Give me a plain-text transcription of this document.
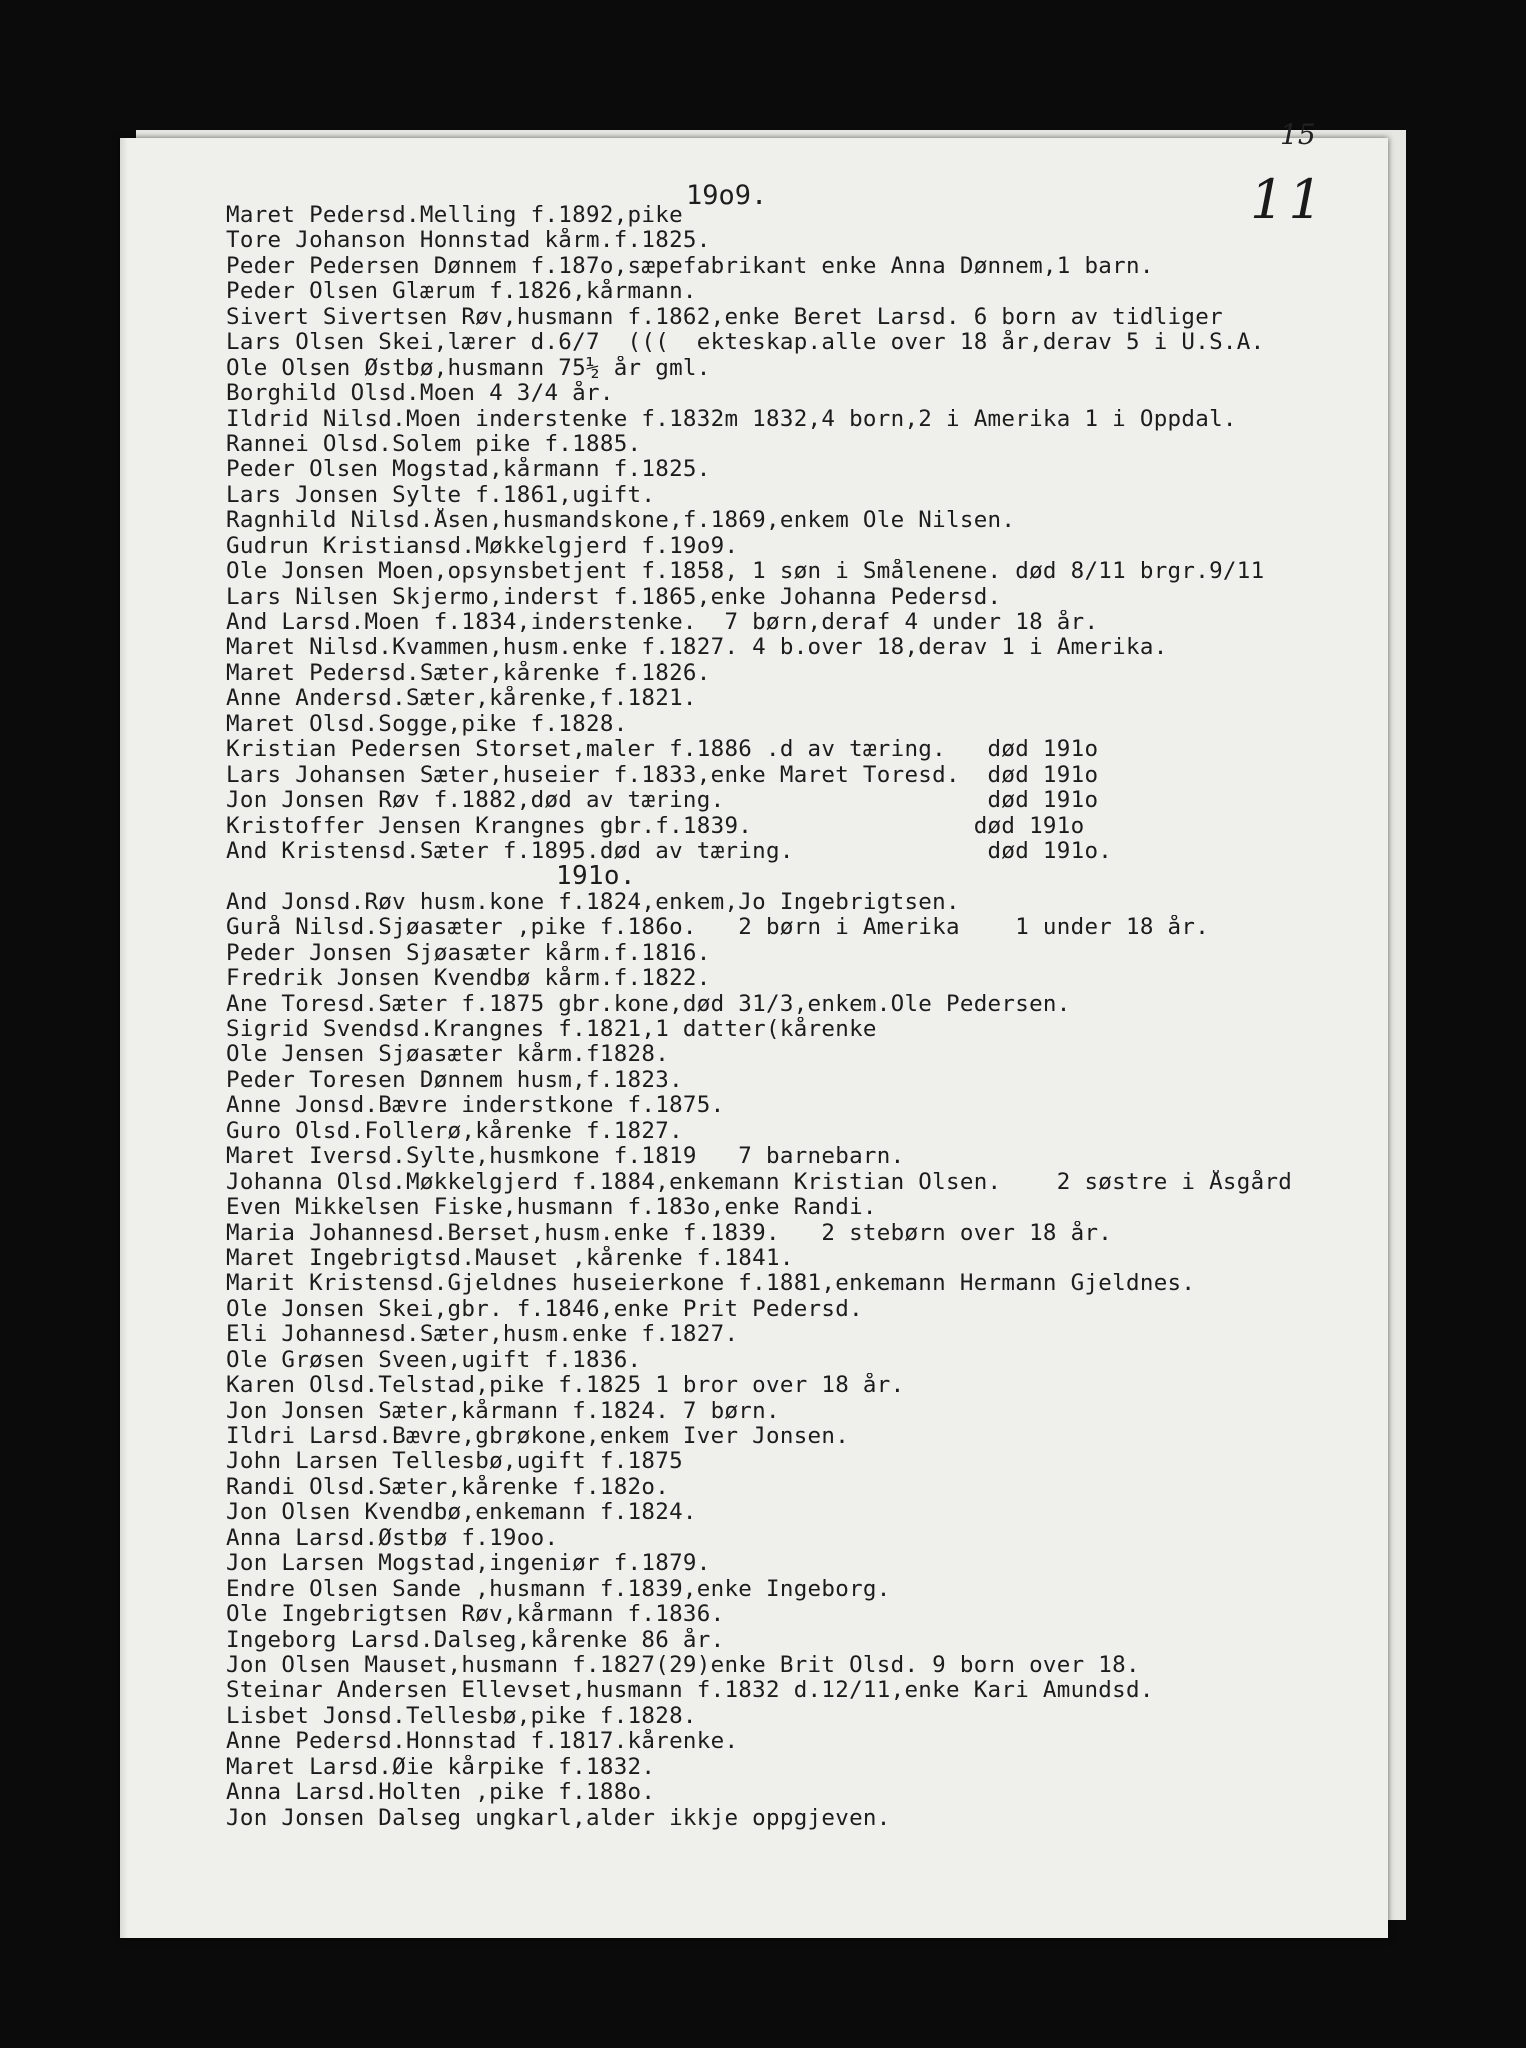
15
11
19o9.
Maret Pedersd.Melling f.1892,pike
Tore Johanson Honnstad kårm.f.1825.
Peder Pedersen Dønnem f.187o,sæpefabrikant enke Anna Dønnem,1 barn.
Peder Olsen Glærum f.1826,kårmann.
Sivert Sivertsen Røv,husmann f.1862,enke Beret Larsd. 6 born av tidliger
Lars Olsen Skei,lærer d.6/7  (((  ekteskap.alle over 18 år,derav 5 i U.S.A.
Ole Olsen Østbø,husmann 75½ år gml.
Borghild Olsd.Moen 4 3/4 år.
Ildrid Nilsd.Moen inderstenke f.1832m 1832,4 born,2 i Amerika 1 i Oppdal.
Rannei Olsd.Solem pike f.1885.
Peder Olsen Mogstad,kårmann f.1825.
Lars Jonsen Sylte f.1861,ugift.
Ragnhild Nilsd.Åsen,husmandskone,f.1869,enkem Ole Nilsen.
Gudrun Kristiansd.Møkkelgjerd f.19o9.
Ole Jonsen Moen,opsynsbetjent f.1858, 1 søn i Smålenene. død 8/11 brgr.9/11
Lars Nilsen Skjermo,inderst f.1865,enke Johanna Pedersd.
And Larsd.Moen f.1834,inderstenke.  7 børn,deraf 4 under 18 år.
Maret Nilsd.Kvammen,husm.enke f.1827. 4 b.over 18,derav 1 i Amerika.
Maret Pedersd.Sæter,kårenke f.1826.
Anne Andersd.Sæter,kårenke,f.1821.
Maret Olsd.Sogge,pike f.1828.
Kristian Pedersen Storset,maler f.1886 .d av tæring.   død 191o
Lars Johansen Sæter,huseier f.1833,enke Maret Toresd.  død 191o
Jon Jonsen Røv f.1882,død av tæring.                   død 191o
Kristoffer Jensen Krangnes gbr.f.1839.                død 191o
And Kristensd.Sæter f.1895.død av tæring.              død 191o.
191o.
And Jonsd.Røv husm.kone f.1824,enkem,Jo Ingebrigtsen.
Gurå Nilsd.Sjøasæter ,pike f.186o.   2 børn i Amerika    1 under 18 år.
Peder Jonsen Sjøasæter kårm.f.1816.
Fredrik Jonsen Kvendbø kårm.f.1822.
Ane Toresd.Sæter f.1875 gbr.kone,død 31/3,enkem.Ole Pedersen.
Sigrid Svendsd.Krangnes f.1821,1 datter(kårenke
Ole Jensen Sjøasæter kårm.f1828.
Peder Toresen Dønnem husm,f.1823.
Anne Jonsd.Bævre inderstkone f.1875.
Guro Olsd.Follerø,kårenke f.1827.
Maret Iversd.Sylte,husmkone f.1819   7 barnebarn.
Johanna Olsd.Møkkelgjerd f.1884,enkemann Kristian Olsen.    2 søstre i Åsgård
Even Mikkelsen Fiske,husmann f.183o,enke Randi.
Maria Johannesd.Berset,husm.enke f.1839.   2 stebørn over 18 år.
Maret Ingebrigtsd.Mauset ,kårenke f.1841.
Marit Kristensd.Gjeldnes huseierkone f.1881,enkemann Hermann Gjeldnes.
Ole Jonsen Skei,gbr. f.1846,enke Prit Pedersd.
Eli Johannesd.Sæter,husm.enke f.1827.
Ole Grøsen Sveen,ugift f.1836.
Karen Olsd.Telstad,pike f.1825 1 bror over 18 år.
Jon Jonsen Sæter,kårmann f.1824. 7 børn.
Ildri Larsd.Bævre,gbrøkone,enkem Iver Jonsen.
John Larsen Tellesbø,ugift f.1875
Randi Olsd.Sæter,kårenke f.182o.
Jon Olsen Kvendbø,enkemann f.1824.
Anna Larsd.Østbø f.19oo.
Jon Larsen Mogstad,ingeniør f.1879.
Endre Olsen Sande ,husmann f.1839,enke Ingeborg.
Ole Ingebrigtsen Røv,kårmann f.1836.
Ingeborg Larsd.Dalseg,kårenke 86 år.
Jon Olsen Mauset,husmann f.1827(29)enke Brit Olsd. 9 born over 18.
Steinar Andersen Ellevset,husmann f.1832 d.12/11,enke Kari Amundsd.
Lisbet Jonsd.Tellesbø,pike f.1828.
Anne Pedersd.Honnstad f.1817.kårenke.
Maret Larsd.Øie kårpike f.1832.
Anna Larsd.Holten ,pike f.188o.
Jon Jonsen Dalseg ungkarl,alder ikkje oppgjeven.
